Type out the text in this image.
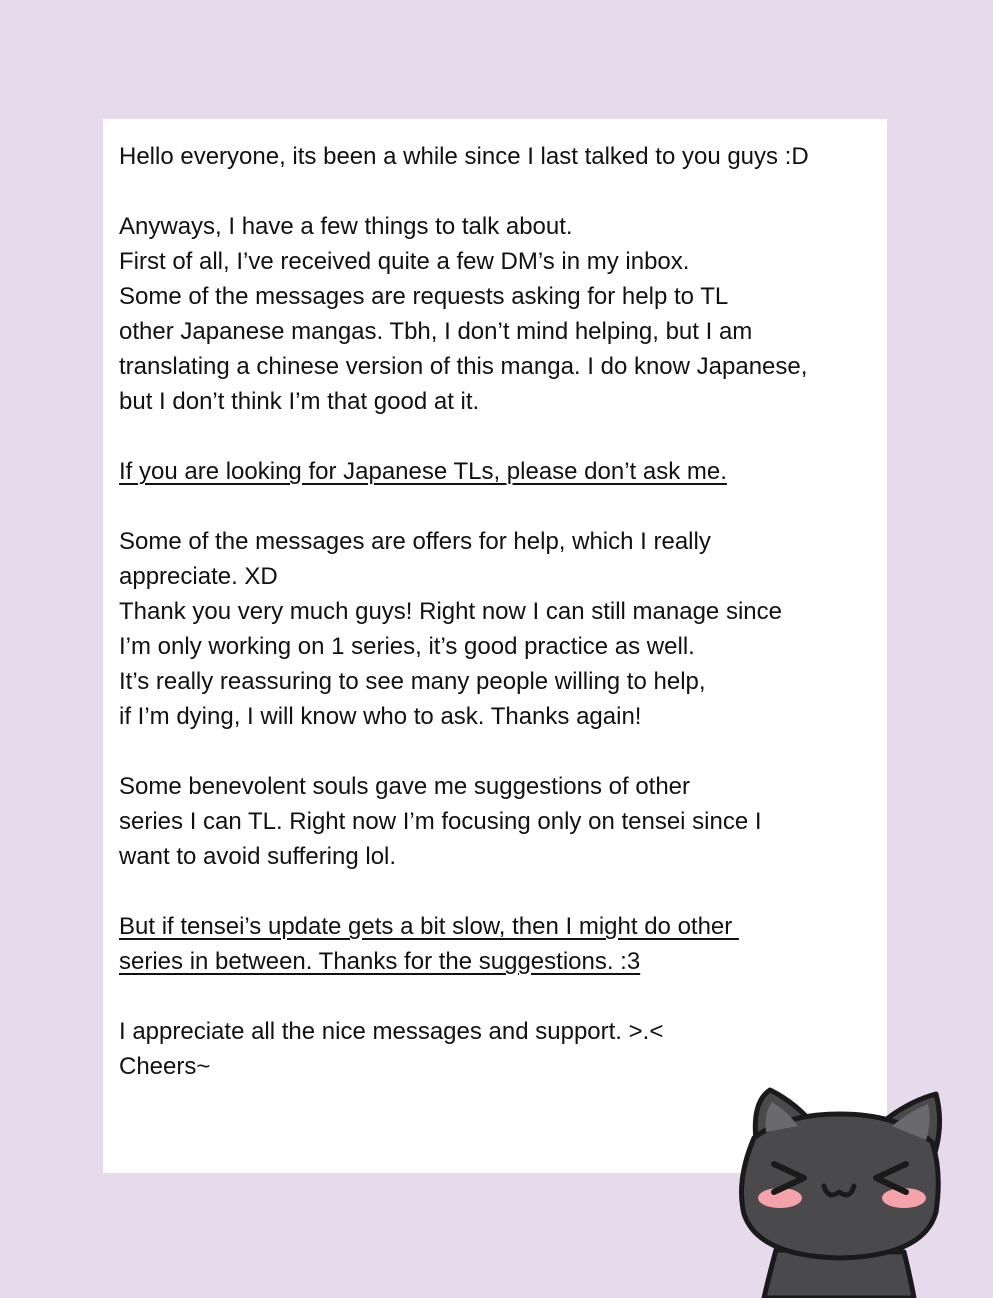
Hello everyone, its been a while since I last talked to you guys :D
Anyways, I have a few things to talk about.
First of all, I’ve received quite a few DM’s in my inbox.
Some of the messages are requests asking for help to TL
other Japanese mangas. Tbh, I don’t mind helping, but I am
translating a chinese version of this manga. I do know Japanese,
but I don’t think I’m that good at it.
If you are looking for Japanese TLs, please don’t ask me.
Some of the messages are offers for help, which I really
appreciate. XD
Thank you very much guys! Right now I can still manage since
I’m only working on 1 series, it’s good practice as well.
It’s really reassuring to see many people willing to help,
if I’m dying, I will know who to ask. Thanks again!
Some benevolent souls gave me suggestions of other
series I can TL. Right now I’m focusing only on tensei since I
want to avoid suffering lol.
But if tensei’s update gets a bit slow, then I might do other
series in between. Thanks for the suggestions. :3
I appreciate all the nice messages and support. >.<
Cheers~
